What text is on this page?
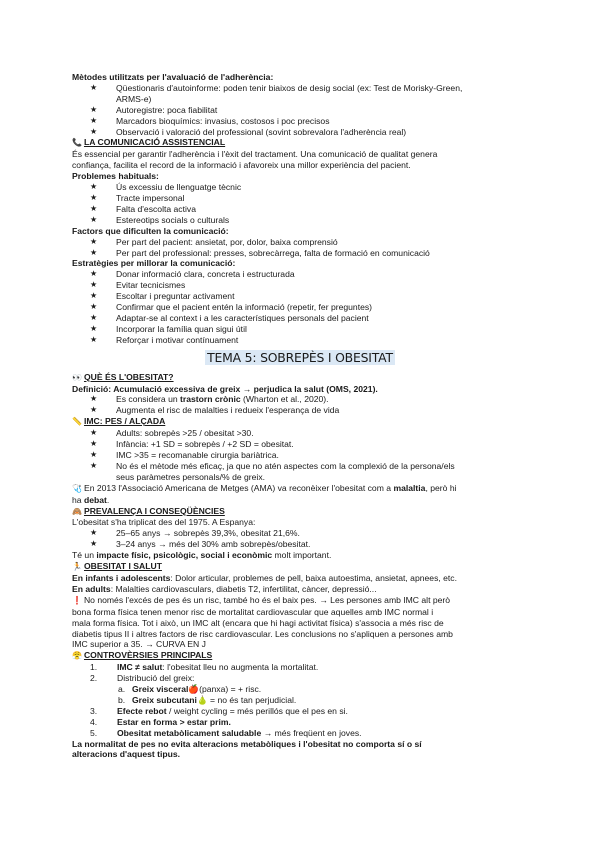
Mètodes utilitzats per l'avaluació de l'adherència:
★ Qüestionaris d'autoinforme: poden tenir biaixos de desig social (ex: Test de Morisky-Green,
ARMS-e)
★ Autoregistre: poca fiabilitat
★ Marcadors bioquímics: invasius, costosos i poc precisos
★ Observació i valoració del professional (sovint sobrevalora l'adherència real)
📞 LA COMUNICACIÓ ASSISTENCIAL
És essencial per garantir l'adherència i l'èxit del tractament. Una comunicació de qualitat genera
confiança, facilita el record de la informació i afavoreix una millor experiència del pacient.
Problemes habituals:
★ Ús excessiu de llenguatge tècnic
★ Tracte impersonal
★ Falta d'escolta activa
★ Estereotips socials o culturals
Factors que dificulten la comunicació:
★ Per part del pacient: ansietat, por, dolor, baixa comprensió
★ Per part del professional: presses, sobrecàrrega, falta de formació en comunicació
Estratègies per millorar la comunicació:
★ Donar informació clara, concreta i estructurada
★ Evitar tecnicismes
★ Escoltar i preguntar activament
★ Confirmar que el pacient entén la informació (repetir, fer preguntes)
★ Adaptar-se al context i a les característiques personals del pacient
★ Incorporar la família quan sigui útil
★ Reforçar i motivar contínuament
TEMA 5: SOBREPÈS I OBESITAT
👀 QUÈ ÉS L'OBESITAT?
Definició: Acumulació excessiva de greix → perjudica la salut (OMS, 2021).
★ Es considera un trastorn crònic (Wharton et al., 2020).
★ Augmenta el risc de malalties i redueix l'esperança de vida
📏 IMC: PES / ALÇADA
★ Adults: sobrepès >25 / obesitat >30.
★ Infància: +1 SD = sobrepès / +2 SD = obesitat.
★ IMC >35 = recomanable cirurgia bariàtrica.
★ No és el mètode més eficaç, ja que no atén aspectes com la complexió de la persona/els
seus paràmetres personals/% de greix.
🩺 En 2013 l'Associació Americana de Metges (AMA) va reconèixer l'obesitat com a malaltia, però hi
ha debat.
🙈 PREVALENÇA I CONSEQÜÈNCIES
L'obesitat s'ha triplicat des del 1975. A Espanya:
★ 25–65 anys → sobrepès 39,3%, obesitat 21,6%.
★ 3–24 anys → més del 30% amb sobrepès/obesitat.
Té un impacte físic, psicològic, social i econòmic molt important.
🏃 OBESITAT I SALUT
En infants i adolescents: Dolor articular, problemes de pell, baixa autoestima, ansietat, apnees, etc.
En adults: Malalties cardiovasculars, diabetis T2, infertilitat, càncer, depressió...
❗ No només l'excés de pes és un risc, també ho és el baix pes. → Les persones amb IMC alt però
bona forma física tenen menor risc de mortalitat cardiovascular que aquelles amb IMC normal i
mala forma física. Tot i això, un IMC alt (encara que hi hagi activitat física) s'associa a més risc de
diabetis tipus II i altres factors de risc cardiovascular. Les conclusions no s'apliquen a persones amb
IMC superior a 35. → CURVA EN J
😤 CONTROVÈRSIES PRINCIPALS
1. IMC ≠ salut: l'obesitat lleu no augmenta la mortalitat.
2. Distribució del greix:
a. Greix visceral🍎(panxa) = + risc.
b. Greix subcutani🍐 = no és tan perjudicial.
3. Efecte rebot / weight cycling = més perillós que el pes en si.
4. Estar en forma > estar prim.
5. Obesitat metabòlicament saludable → més freqüent en joves.
La normalitat de pes no evita alteracions metabòliques i l'obesitat no comporta sí o sí
alteracions d'aquest tipus.
